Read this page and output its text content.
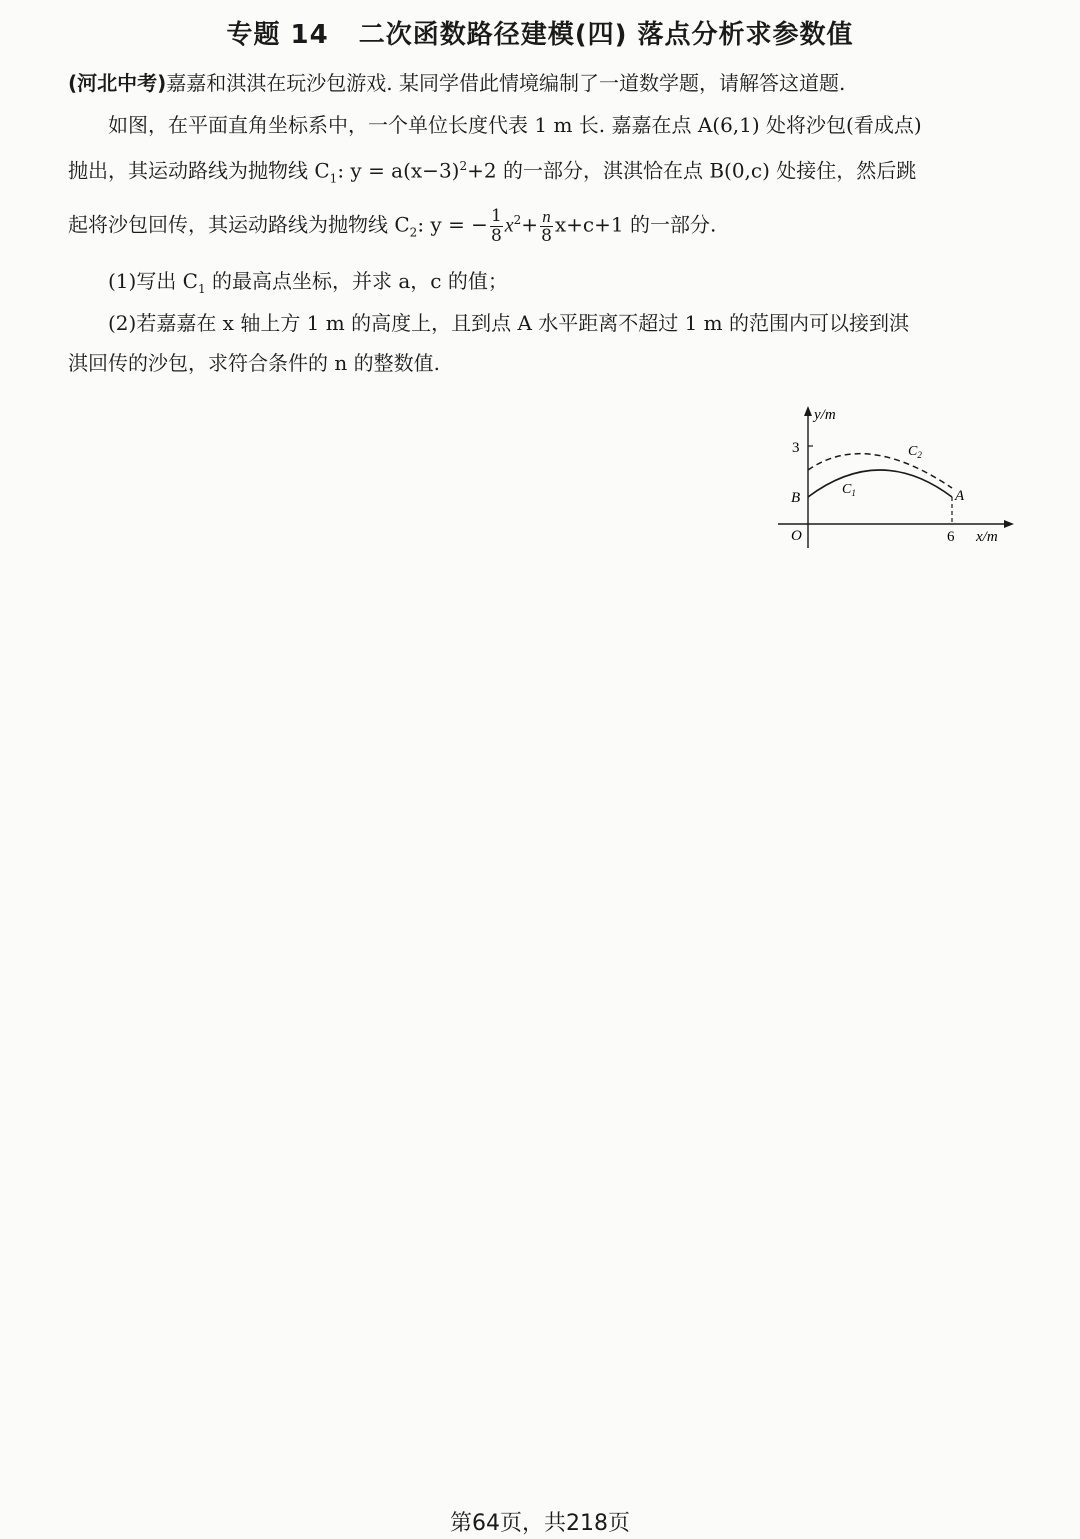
专题 14 二次函数路径建模(四) 落点分析求参数值
(河北中考)嘉嘉和淇淇在玩沙包游戏. 某同学借此情境编制了一道数学题，请解答这道题.
如图，在平面直角坐标系中，一个单位长度代表 1 m 长. 嘉嘉在点 A(6,1) 处将沙包(看成点)
抛出，其运动路线为抛物线 $C_1$: $y = a(x-3)^2+2$ 的一部分，淇淇恰在点 B(0,c) 处接住，然后跳
起将沙包回传，其运动路线为抛物线 $C_2$: y = − $\frac{1}{8} x^2+ \frac{n}{8} x+c+1$ 的一部分.
(1)写出 $C_1$ 的最高点坐标，并求 a，c 的值；
(2)若嘉嘉在 x 轴上方 1 m 的高度上，且到点 A 水平距离不超过 1 m 的范围内可以接到淇
淇回传的沙包，求符合条件的 n 的整数值.
y/m
3
B	A
O	6 x/m
$C_1$
$C_2$
第64页，共218页
